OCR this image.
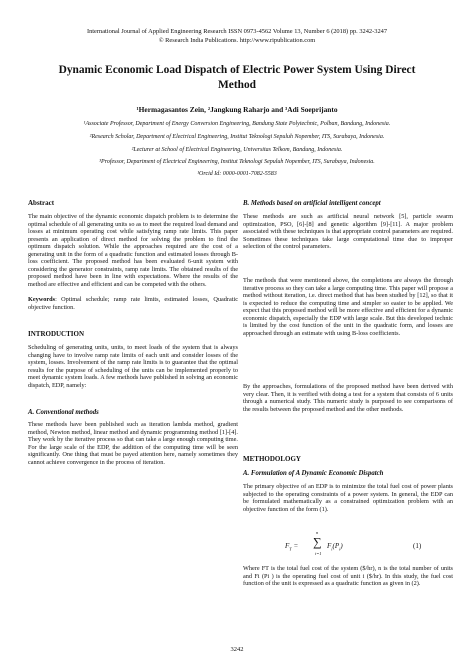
International Journal of Applied Engineering Research ISSN 0973-4562 Volume 13, Number 6 (2018) pp. 3242-3247
© Research India Publications. http://www.ripublication.com
Dynamic Economic Load Dispatch of Electric Power System Using Direct Method
¹Hermagasantos Zein, ²Jangkung Raharjo and ³Adi Soeprijanto
¹Associate Professor, Department of Energy Conversion Engineering, Bandung State Polytechnic, Polban, Bandung, Indonesia.
²Research Scholar, Department of Electrical Engineering, Institut Teknologi Sepuluh Nopember, ITS, Surabaya, Indonesia.
²Lecturer at School of Electrical Engineering, Universitas Telkom, Bandung, Indonesia.
³Professor, Department of Electrical Engineering, Institut Teknologi Sepuluh Nopember, ITS, Surabaya, Indonesia.
¹Orcid Id: 0000-0001-7082-5583
Abstract
The main objective of the dynamic economic dispatch problem is to determine the optimal schedule of all generating units so as to meet the required load demand and losses at minimum operating cost while satisfying ramp rate limits. This paper presents an application of direct method for solving the problem to find the optimum dispatch solution. While the approaches required are the cost of a generating unit in the form of a quadratic function and estimated losses through B-loss coefficient. The proposed method has been evaluated 6-unit system with considering the generator constraints, ramp rate limits. The obtained results of the proposed method have been in line with expectations. Where the results of the method are effective and efficient and can be competed with the others.
Keywords: Optimal schedule; ramp rate limits, estimated losses, Quadratic objective function.
INTRODUCTION
Scheduling of generating units, units, to meet loads of the system that is always changing have to involve ramp rate limits of each unit and consider losses of the system, losses. Involvement of the ramp rate limits is to guarantee that the optimal results for the purpose of scheduling of the units can be implemented properly to meet dynamic system loads. A few methods have published in solving an economic dispatch, EDP, namely:
A. Conventional methods
These methods have been published such as iteration lambda method, gradient method, Newton method, linear method and dynamic programming method [1]-[4]. They work by the iterative process so that can take a large enough computing time. For the large scale of the EDP, the addition of the computing time will be seen significantly. One thing that must be payed attention here, namely sometimes they cannot achieve convergence in the process of iteration.
B. Methods based on artificial intelligent concept
These methods are such as artificial neural network [5], particle swarm optimization, PSO, [6]-[8] and genetic algorithm [9]-[11]. A major problem associated with these techniques is that appropriate control parameters are required. Sometimes these techniques take large computational time due to improper selection of the control parameters.
The methods that were mentioned above, the completions are always the through iterative process so they can take a large computing time. This paper will propose a method without iteration, i.e. direct method that has been studied by [12], so that it is expected to reduce the computing time and simpler so easier to be applied. We expect that this proposed method will be more effective and efficient for a dynamic economic dispatch, especially the EDP with large scale. But this developed technic is limited by the cost function of the unit in the quadratic form, and losses are approached through an estimate with using B-loss coefficients.
By the approaches, formulations of the proposed method have been derived with very clear. Then, it is verified with doing a test for a system that consists of 6 units through a numerical study. This numeric study is purposed to see comparisons of the results between the proposed method and the other methods.
METHODOLOGY
A. Formulation of A Dynamic Economic Dispatch
The primary objective of an EDP is to minimize the total fuel cost of power plants subjected to the operating constraints of a power system. In general, the EDP can be formulated mathematically as a constrained optimization problem with an objective function of the form (1).
$F_T$ =
n
∑
i=1
$F_i(P_i)$	(1)
Where FT is the total fuel cost of the system ($/hr), n is the total number of units and Fi (Pi ) is the operating fuel cost of unit i ($/hr). In this study, the fuel cost function of the unit is expressed as a quadratic function as given in (2).
3242
